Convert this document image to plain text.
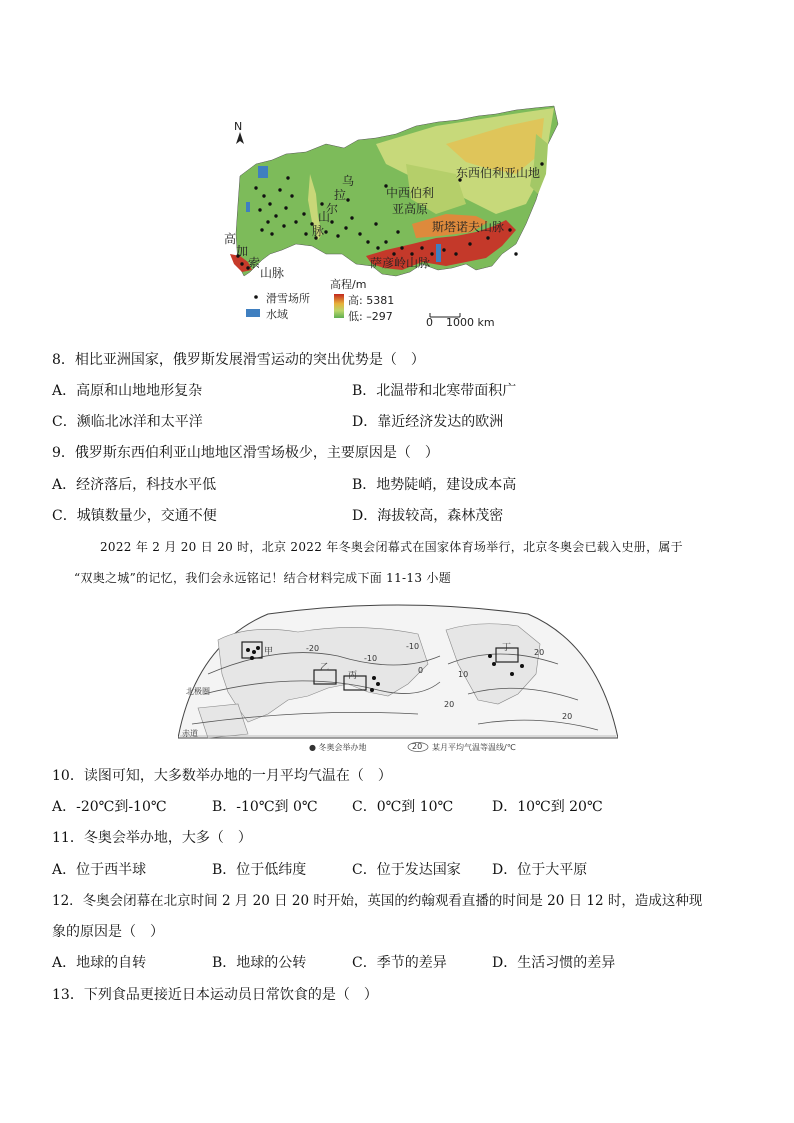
N
乌
拉
尔
山
脉
中西伯利
亚高原
东西伯利亚山地
斯塔诺夫山脉
高
加
索
山脉
萨彦岭山脉
高程/m
滑雪场所
水域
高: 5381
低: –297	0 1000 km
8．相比亚洲国家，俄罗斯发展滑雪运动的突出优势是（　）
A．高原和山地地形复杂	B．北温带和北寒带面积广
C．濒临北冰洋和太平洋	D．靠近经济发达的欧洲
9．俄罗斯东西伯利亚山地地区滑雪场极少，主要原因是（　）
A．经济落后，科技水平低	B．地势陡峭，建设成本高
C．城镇数量少，交通不便	D．海拔较高，森林茂密
2022 年 2 月 20 日 20 时，北京 2022 年冬奥会闭幕式在国家体育场举行，北京冬奥会已载入史册，属于
“双奥之城”的记忆，我们会永远铭记！结合材料完成下面 11-13 小题
甲
乙
丙
丁
赤道
北极圈
-20	-10
0	10
20
20
20
-10
● 冬奥会举办地	20 某月平均气温等温线/℃
10．读图可知，大多数举办地的一月平均气温在（　）
A．-20℃到-10℃	B．-10℃到 0℃ C．0℃到 10℃	D．10℃到 20℃
11．冬奥会举办地，大多（　）
A．位于西半球	B．位于低纬度	C．位于发达国家 D．位于大平原
12．冬奥会闭幕在北京时间 2 月 20 日 20 时开始，英国的约翰观看直播的时间是 20 日 12 时，造成这种现
象的原因是（　）
A．地球的自转	B．地球的公转	C．季节的差异	D．生活习惯的差异
13．下列食品更接近日本运动员日常饮食的是（　）
